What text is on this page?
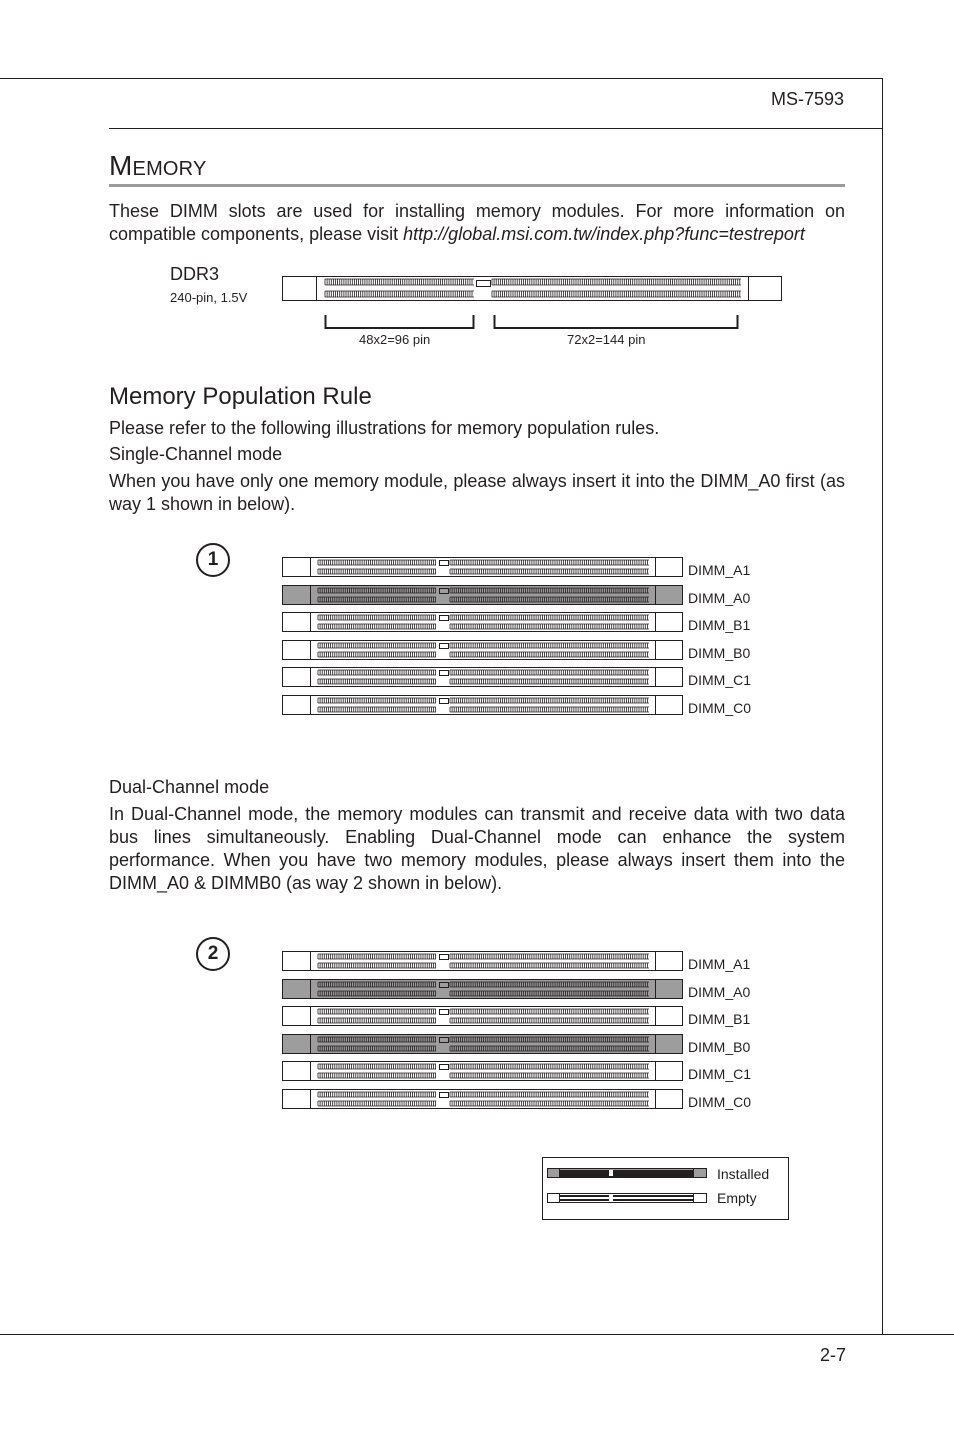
MS-7593
2-7
Memory
These DIMM slots are used for installing memory modules. For more information on compatible components, please visit http://global.msi.com.tw/index.php?func=testreport
DDR3
240-pin, 1.5V
48x2=96 pin	72x2=144 pin
Memory Population Rule
Please refer to the following illustrations for memory population rules.
Single-Channel mode
When you have only one memory module, please always insert it into the DIMM_A0 first (as way 1 shown in below).
1	DIMM_A1
DIMM_A0
DIMM_B1
DIMM_B0
DIMM_C1
DIMM_C0
Dual-Channel mode
In Dual-Channel mode, the memory modules can transmit and receive data with two data bus lines simultaneously. Enabling Dual-Channel mode can enhance the system performance. When you have two memory modules, please always insert them into the DIMM_A0 & DIMMB0 (as way 2 shown in below).
2	DIMM_A1
DIMM_A0
DIMM_B1
DIMM_B0
DIMM_C1
DIMM_C0
Installed
Empty
